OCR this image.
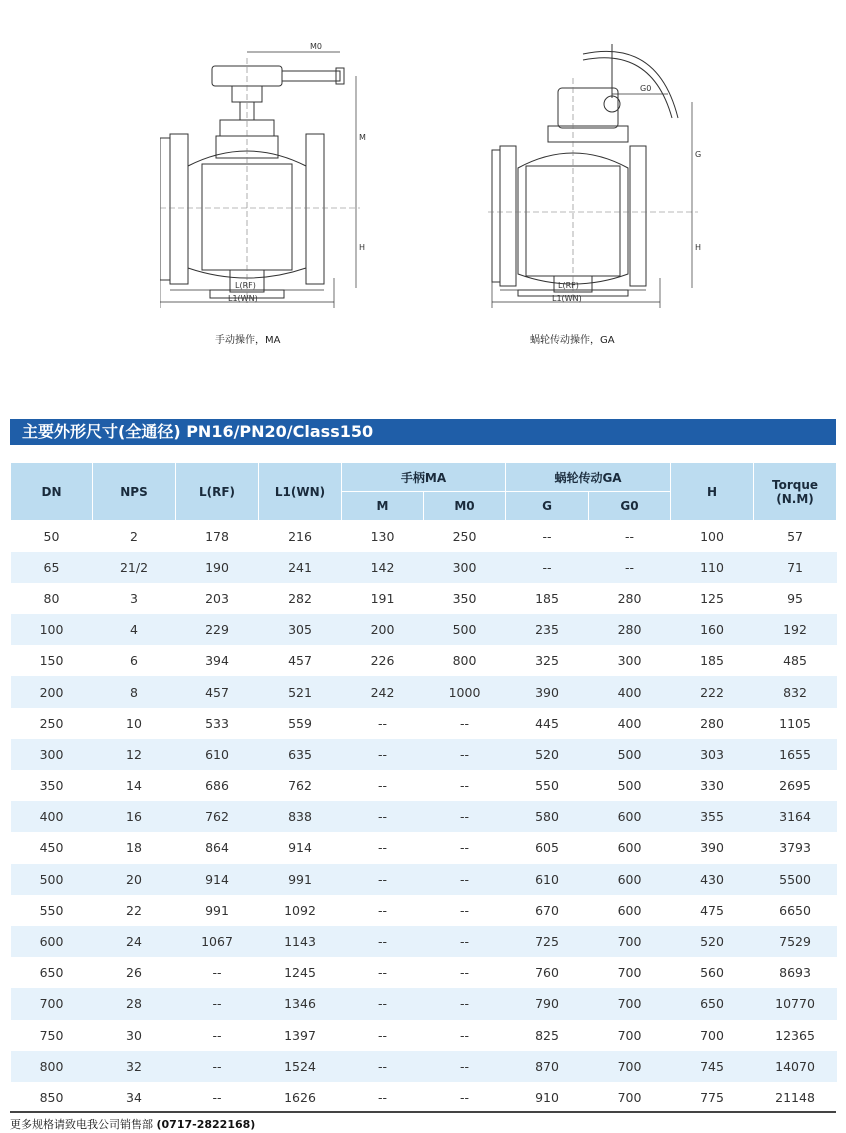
M0
M
H
L(RF)
L1(WN)
手动操作，MA
G0
G
H
L(RF)
L1(WN)
蜗轮传动操作，GA
主要外形尺寸(全通径) PN16/PN20/Class150
DN	NPS	L(RF)	L1(WN)	手柄MA		蜗轮传动GA		H	Torque
(N.M)

				M	M0	G	G0		
50	2	178	216	130	250	--	--	100	57
65	21/2	190	241	142	300	--	--	110	71
80	3	203	282	191	350	185	280	125	95
100	4	229	305	200	500	235	280	160	192
150	6	394	457	226	800	325	300	185	485
200	8	457	521	242	1000	390	400	222	832
250	10	533	559	--	--	445	400	280	1105
300	12	610	635	--	--	520	500	303	1655
350	14	686	762	--	--	550	500	330	2695
400	16	762	838	--	--	580	600	355	3164
450	18	864	914	--	--	605	600	390	3793
500	20	914	991	--	--	610	600	430	5500
550	22	991	1092	--	--	670	600	475	6650
600	24	1067	1143	--	--	725	700	520	7529
650	26	--	1245	--	--	760	700	560	8693
700	28	--	1346	--	--	790	700	650	10770
750	30	--	1397	--	--	825	700	700	12365
800	32	--	1524	--	--	870	700	745	14070
850	34	--	1626	--	--	910	700	775	21148
更多规格请致电我公司销售部 (0717-2822168)
